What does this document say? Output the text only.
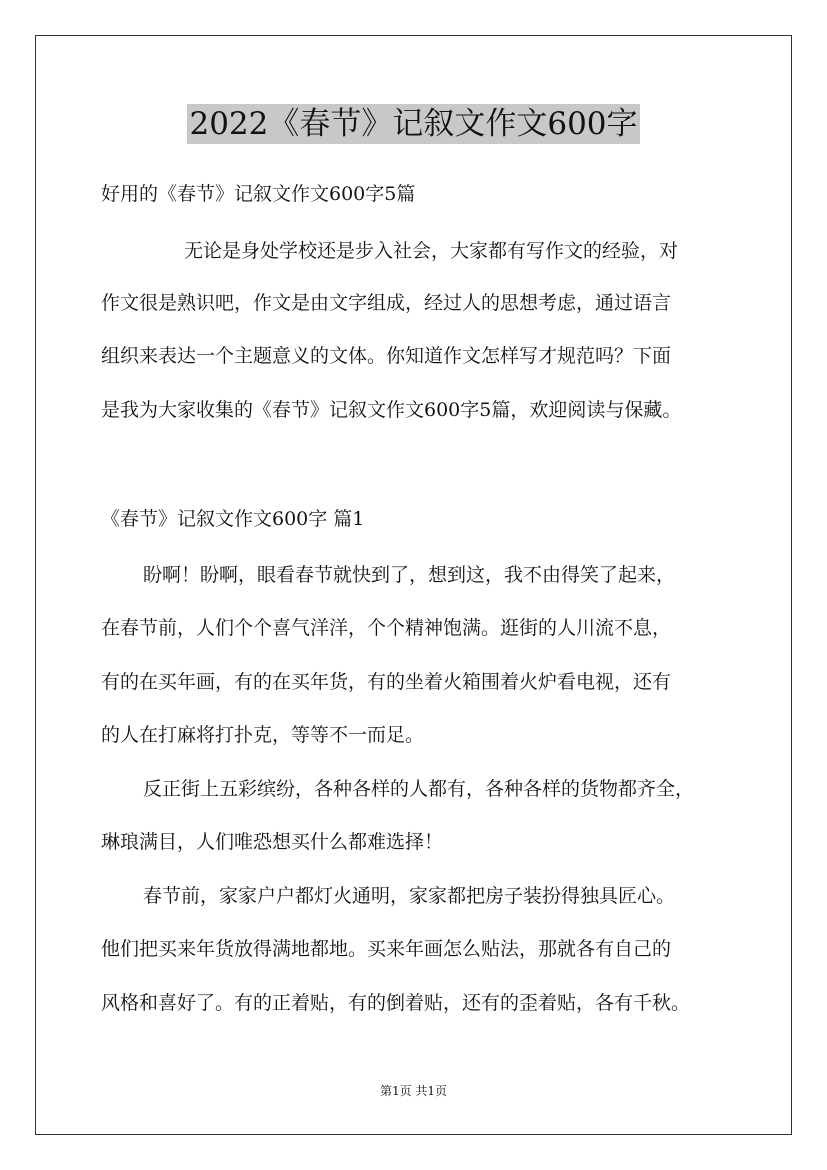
2022《春节》记叙文作文600字

好用的《春节》记叙文作文600字5篇

无论是身处学校还是步入社会，大家都有写作文的经验，对

作文很是熟识吧，作文是由文字组成，经过人的思想考虑，通过语言

组织来表达一个主题意义的文体。你知道作文怎样写才规范吗？下面

是我为大家收集的《春节》记叙文作文600字5篇，欢迎阅读与保藏。

《春节》记叙文作文600字 篇1

盼啊！盼啊，眼看春节就快到了，想到这，我不由得笑了起来，

在春节前，人们个个喜气洋洋，个个精神饱满。逛街的人川流不息，

有的在买年画，有的在买年货，有的坐着火箱围着火炉看电视，还有

的人在打麻将打扑克，等等不一而足。

反正街上五彩缤纷，各种各样的人都有，各种各样的货物都齐全，

琳琅满目，人们唯恐想买什么都难选择！

春节前，家家户户都灯火通明，家家都把房子装扮得独具匠心。

他们把买来年货放得满地都地。买来年画怎么贴法，那就各有自己的

风格和喜好了。有的正着贴，有的倒着贴，还有的歪着贴，各有千秋。

第1页 共1页
